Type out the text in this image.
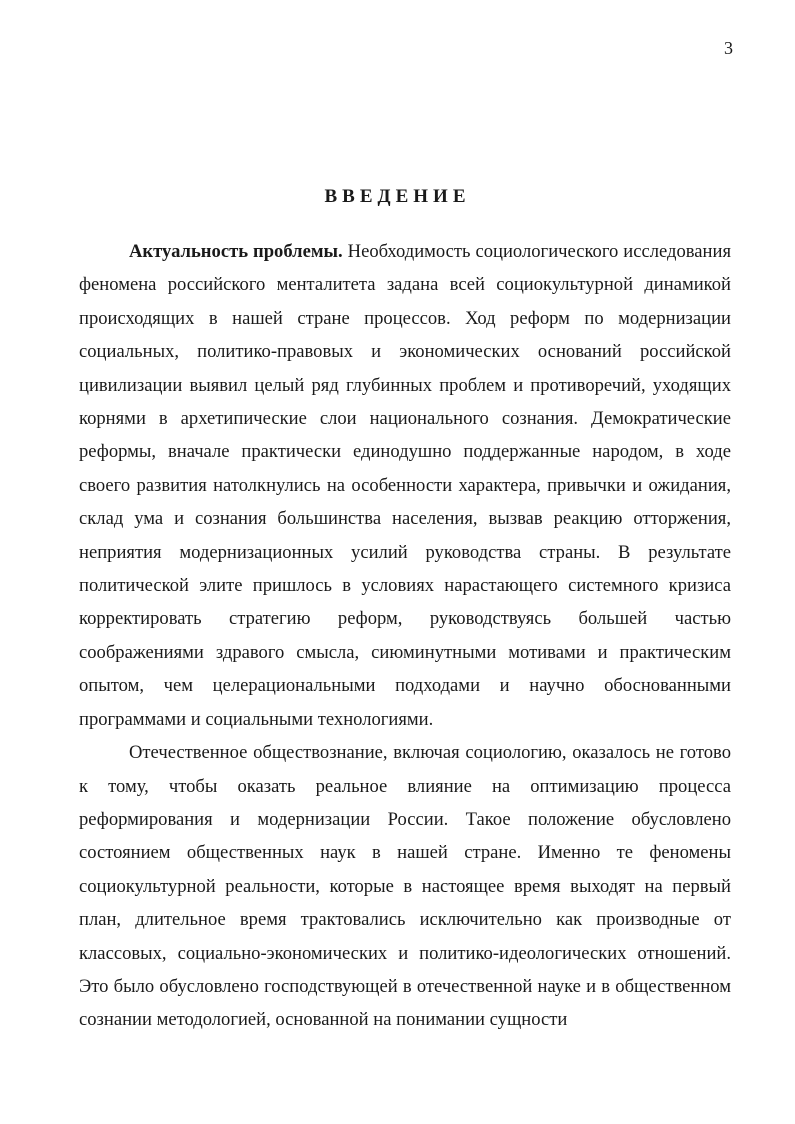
3
ВВЕДЕНИЕ

Актуальность проблемы. Необходимость социологического исследования феномена российского менталитета задана всей социокультурной динамикой происходящих в нашей стране процессов. Ход реформ по модернизации социальных, политико-правовых и экономических оснований российской цивилизации выявил целый ряд глубинных проблем и противоречий, уходящих корнями в архетипические слои национального сознания. Демократические реформы, вначале практически единодушно поддержанные народом, в ходе своего развития натолкнулись на особенности характера, привычки и ожидания, склад ума и сознания большинства населения, вызвав реакцию отторжения, неприятия модернизационных усилий руководства страны. В результате политической элите пришлось в условиях нарастающего системного кризиса корректировать стратегию реформ, руководствуясь большей частью соображениями здравого смысла, сиюминутными мотивами и практическим опытом, чем целерациональными подходами и научно обоснованными программами и социальными технологиями.

Отечественное обществознание, включая социологию, оказалось не готово к тому, чтобы оказать реальное влияние на оптимизацию процесса реформирования и модернизации России. Такое положение обусловлено состоянием общественных наук в нашей стране. Именно те феномены социокультурной реальности, которые в настоящее время выходят на первый план, длительное время трактовались исключительно как производные от классовых, социально-экономических и политико-идеологических отношений. Это было обусловлено господствующей в отечественной науке и в общественном сознании методологией, основанной на понимании сущности
